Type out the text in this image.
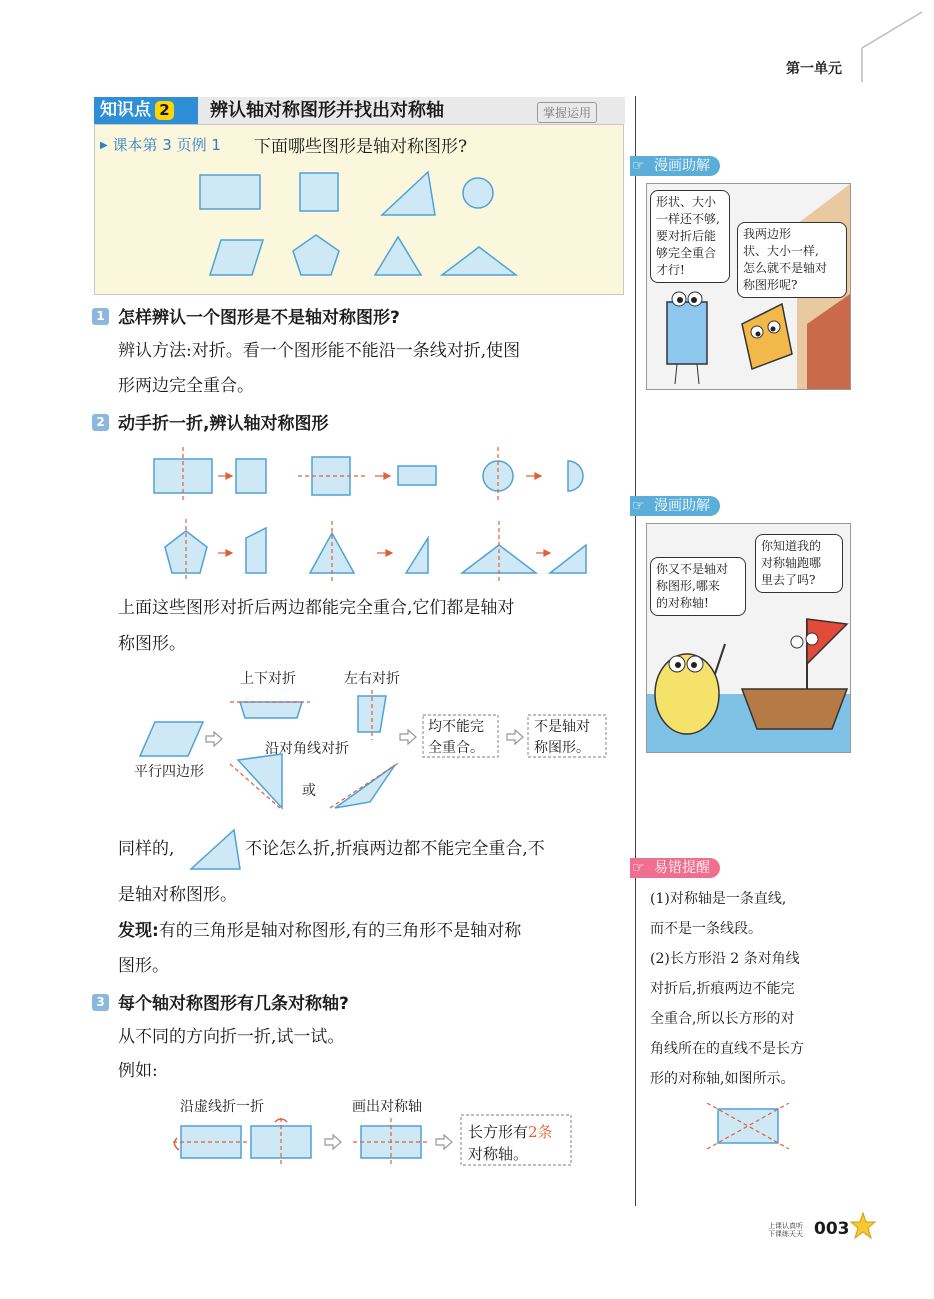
第一单元
知识点 2	辨认轴对称图形并找出对称轴	掌握运用
▶ 课本第 3 页例 1 下面哪些图形是轴对称图形?
1 怎样辨认一个图形是不是轴对称图形?
辨认方法:对折。看一个图形能不能沿一条线对折,使图
形两边完全重合。
2 动手折一折,辨认轴对称图形
上面这些图形对折后两边都能完全重合,它们都是轴对
称图形。
上下对折	左右对折
沿对角线对折
平行四边形
或
均不能完
全重合。
不是轴对
称图形。
同样的,	不论怎么折,折痕两边都不能完全重合,不
是轴对称图形。
发现:有的三角形是轴对称图形,有的三角形不是轴对称
图形。
3 每个轴对称图形有几条对称轴?
从不同的方向折一折,试一试。
例如:
沿虚线折一折	画出对称轴
长方形有2条
对称轴。
☞ 漫画助解
形状、大小
一样还不够,
要对折后能
够完全重合
才行!
我两边形
状、大小一样,
怎么就不是轴对
称图形呢?
☞ 漫画助解
你又不是轴对
称图形,哪来
的对称轴!
你知道我的
对称轴跑哪
里去了吗?
☞ 易错提醒
(1)对称轴是一条直线,
而不是一条线段。
(2)长方形沿 2 条对角线
对折后,折痕两边不能完
全重合,所以长方形的对
角线所在的直线不是长方
形的对称轴,如图所示。
上课认真听
下课练天天 003
